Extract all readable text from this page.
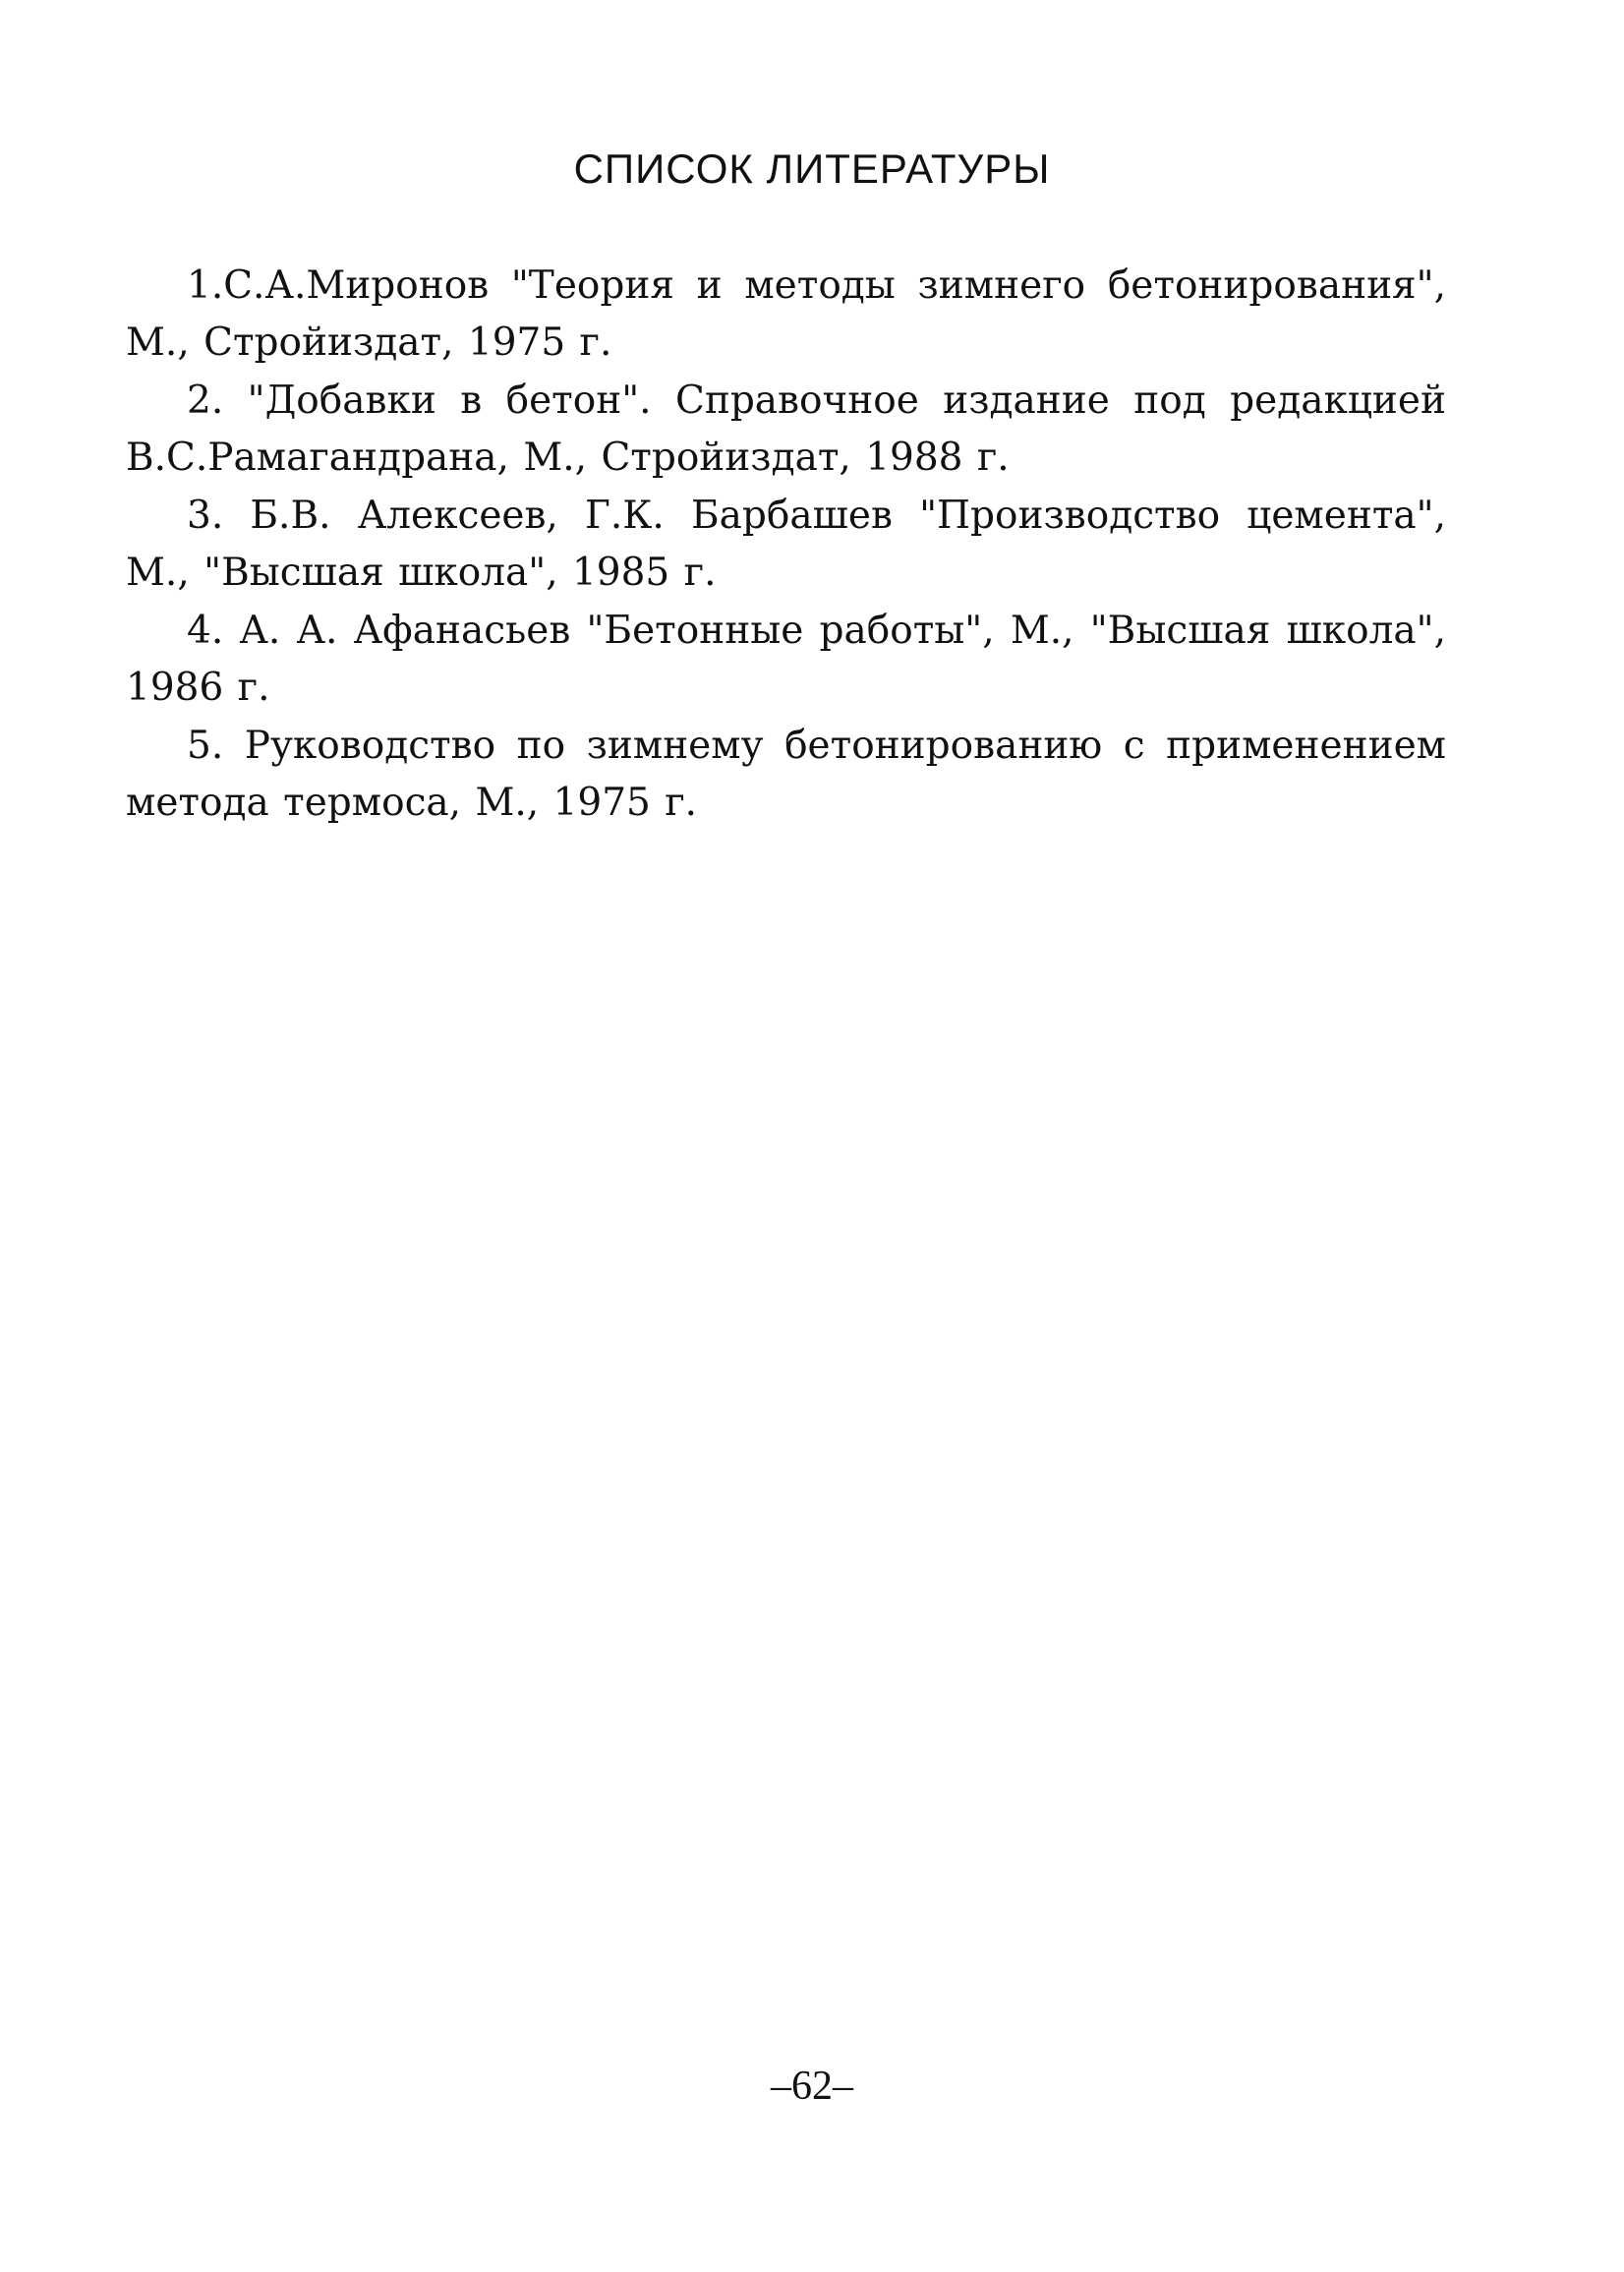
СПИСОК ЛИТЕРАТУРЫ

1.С.А.Миронов "Теория и методы зимнего бетонирования", М., Стройиздат, 1975 г.

2. "Добавки в бетон". Справочное издание под редакцией В.С.Рамагандрана, М., Стройиздат, 1988 г.

3. Б.В. Алексеев, Г.К. Барбашев "Производство цемента", М., "Высшая школа", 1985 г.

4. А. А. Афанасьев "Бетонные работы", М., "Высшая школа", 1986 г.

5. Руководство по зимнему бетонированию с применением метода термоса, М., 1975 г.

–62–
